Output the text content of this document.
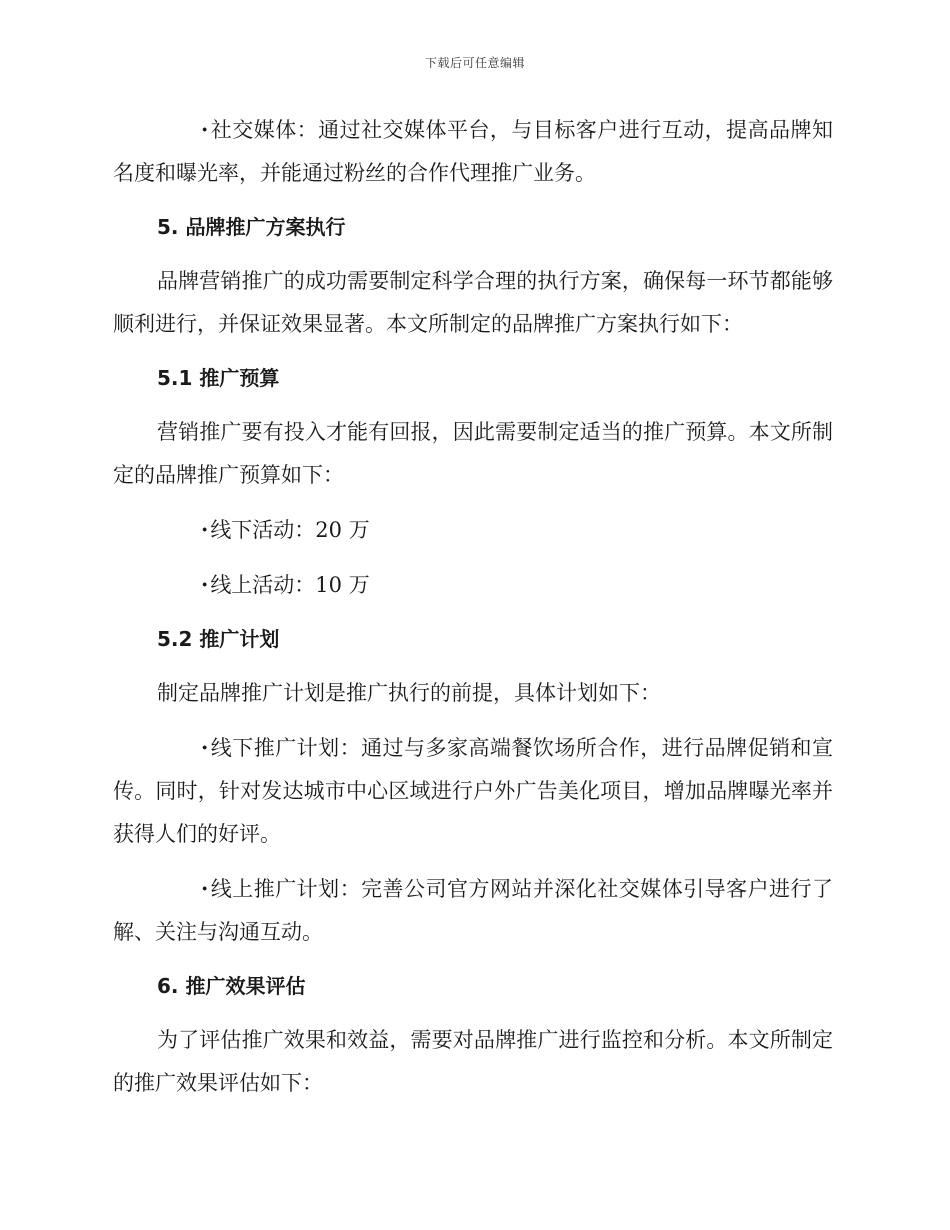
下载后可任意编辑

·社交媒体：通过社交媒体平台，与目标客户进行互动，提高品牌知名度和曝光率，并能通过粉丝的合作代理推广业务。

5. 品牌推广方案执行

品牌营销推广的成功需要制定科学合理的执行方案，确保每一环节都能够顺利进行，并保证效果显著。本文所制定的品牌推广方案执行如下：

5.1 推广预算

营销推广要有投入才能有回报，因此需要制定适当的推广预算。本文所制定的品牌推广预算如下：

·线下活动：20 万

·线上活动：10 万

5.2 推广计划

制定品牌推广计划是推广执行的前提，具体计划如下：

·线下推广计划：通过与多家高端餐饮场所合作，进行品牌促销和宣传。同时，针对发达城市中心区域进行户外广告美化项目，增加品牌曝光率并获得人们的好评。

·线上推广计划：完善公司官方网站并深化社交媒体引导客户进行了解、关注与沟通互动。

6. 推广效果评估

为了评估推广效果和效益，需要对品牌推广进行监控和分析。本文所制定的推广效果评估如下：
